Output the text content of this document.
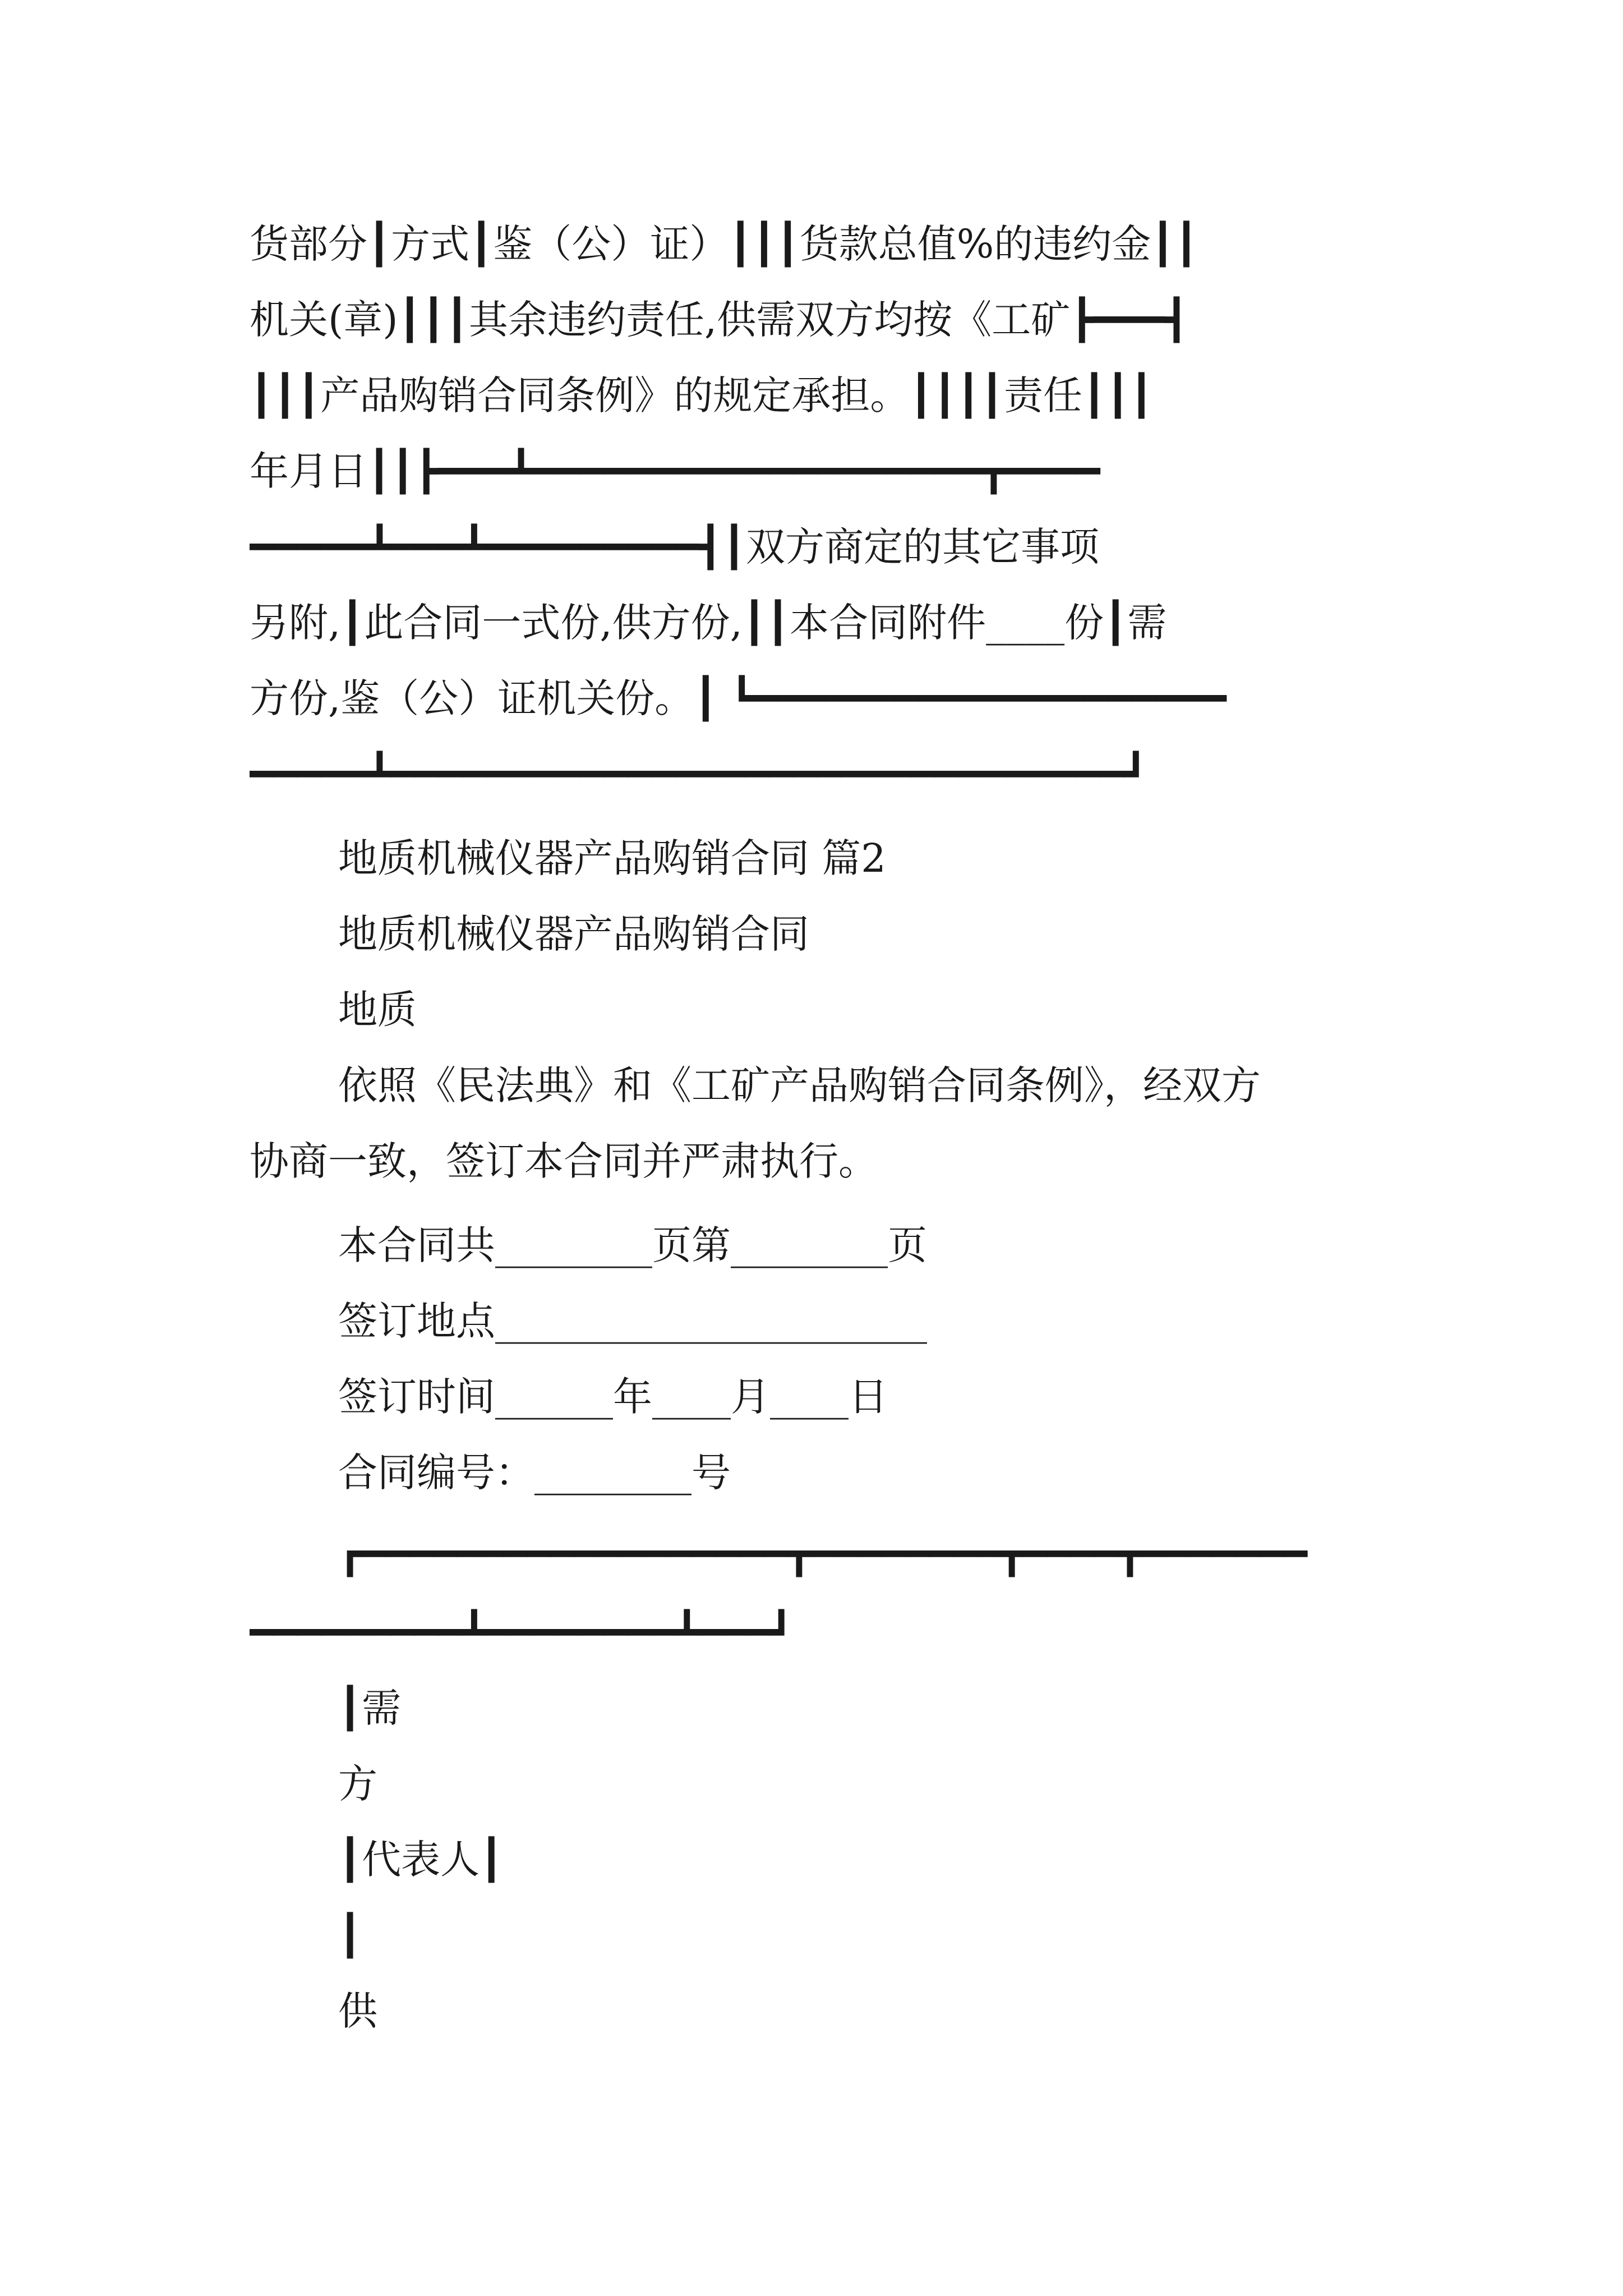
货部分┃方式┃鉴（公）证）┃┃┃货款总值%的违约金┃┃
机关(章)┃┃┃其余违约责任,供需双方均按《工矿┣━━━┫
┃┃┃产品购销合同条例》的规定承担。┃┃┃┃责任┃┃┃
年月日┃┃┣━━━┻━━━━━━━━━━━━━━━━━━━┳━━━━
━━━━━┻━━━┻━━━━━━━━━┫┃双方商定的其它事项
另附,┃此合同一式份,供方份,┃┃本合同附件____份┃需
方份,鉴（公）证机关份。┃ ┗━━━━━━━━━━━━━━━━━━━━
━━━━━┻━━━━━━━━━━━━━━━━━━━━━━━━━━━━━━━┛
地质机械仪器产品购销合同 篇2
地质机械仪器产品购销合同
地质
依照《民法典》和《工矿产品购销合同条例》，经双方
协商一致，签订本合同并严肃执行。
本合同共________页第________页
签订地点______________________
签订时间______年____月____日
合同编号：________号
┏━━━━━━━━━━━━━━━━━━┳━━━━━━━━┳━━━━┳━━━━━━━
━━━━━━━━━┻━━━━━━━━┻━━━┛
┃需
方
┃代表人┃
┃
供
